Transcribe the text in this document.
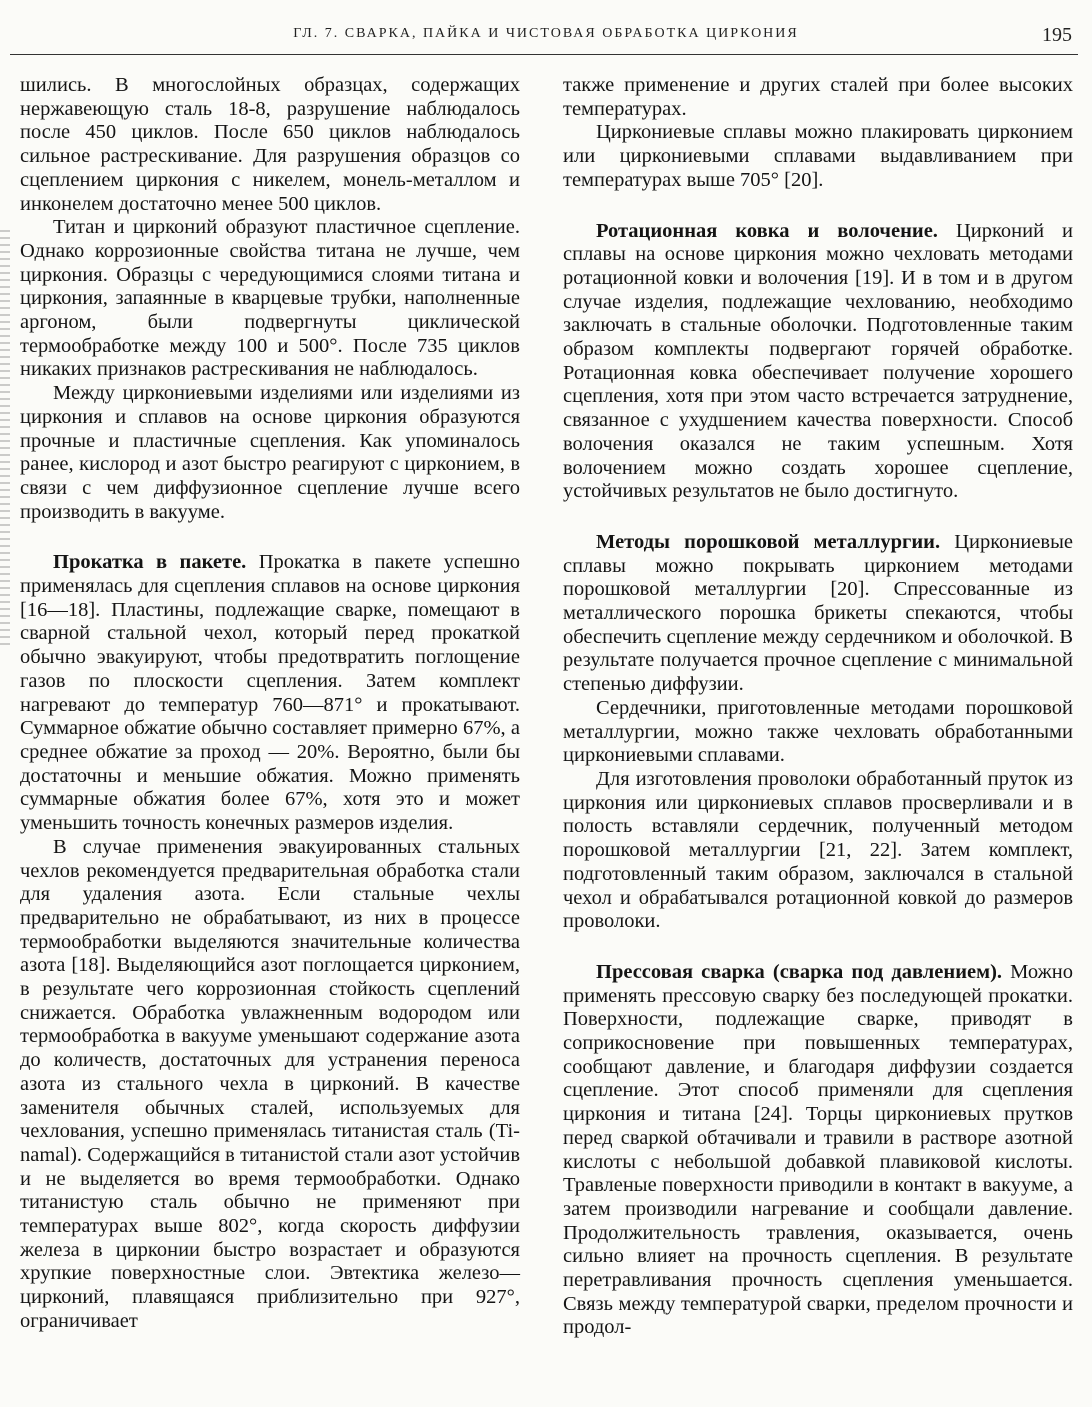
ГЛ. 7. СВАРКА, ПАЙКА И ЧИСТОВАЯ ОБРАБОТКА ЦИРКОНИЯ	195

шились. В многослойных образцах, содержащих нержавеющую сталь 18-8, разрушение наблюдалось после 450 циклов. После 650 циклов наблюдалось сильное растрескивание. Для разрушения образцов со сцеплением циркония с никелем, монель-металлом и инконелем достаточно менее 500 циклов.

Титан и цирконий образуют пластичное сцепление. Однако коррозионные свойства титана не лучше, чем циркония. Образцы с чередующимися слоями титана и циркония, запаянные в кварцевые трубки, наполненные аргоном, были подвергнуты циклической термообработке между 100 и 500°. После 735 циклов никаких признаков растрескивания не наблюдалось.

Между циркониевыми изделиями или изделиями из циркония и сплавов на основе циркония образуются прочные и пластичные сцепления. Как упоминалось ранее, кислород и азот быстро реагируют с цирконием, в связи с чем диффузионное сцепление лучше всего производить в вакууме.

Прокатка в пакете. Прокатка в пакете успешно применялась для сцепления сплавов на основе циркония [16—18]. Пластины, подлежащие сварке, помещают в сварной стальной чехол, который перед прокаткой обычно эвакуируют, чтобы предотвратить поглощение газов по плоскости сцепления. Затем комплект нагревают до температур 760—871° и прокатывают. Суммарное обжатие обычно составляет примерно 67%, а среднее обжатие за проход — 20%. Вероятно, были бы достаточны и меньшие обжатия. Можно применять суммарные обжатия более 67%, хотя это и может уменьшить точность конечных размеров изделия.

В случае применения эвакуированных стальных чехлов рекомендуется предварительная обработка стали для удаления азота. Если стальные чехлы предварительно не обрабатывают, из них в процессе термообработки выделяются значительные количества азота [18]. Выделяющийся азот поглощается цирконием, в результате чего коррозионная стойкость сцеплений снижается. Обработка увлажненным водородом или термообработка в вакууме уменьшают содержание азота до количеств, достаточных для устранения переноса азота из стального чехла в цирконий. В качестве заменителя обычных сталей, используемых для чехлования, успешно применялась титанистая сталь (Ti-namal). Содержащийся в титанистой стали азот устойчив и не выделяется во время термообработки. Однако титанистую сталь обычно не применяют при температурах выше 802°, когда скорость диффузии железа в цирконии быстро возрастает и образуются хрупкие поверхностные слои. Эвтектика железо—цирконий, плавящаяся приблизительно при 927°, ограничивает

также применение и других сталей при более высоких температурах.

Циркониевые сплавы можно плакировать цирконием или циркониевыми сплавами выдавливанием при температурах выше 705° [20].

Ротационная ковка и волочение. Цирконий и сплавы на основе циркония можно чехловать методами ротационной ковки и волочения [19]. И в том и в другом случае изделия, подлежащие чехлованию, необходимо заключать в стальные оболочки. Подготовленные таким образом комплекты подвергают горячей обработке. Ротационная ковка обеспечивает получение хорошего сцепления, хотя при этом часто встречается затруднение, связанное с ухудшением качества поверхности. Способ волочения оказался не таким успешным. Хотя волочением можно создать хорошее сцепление, устойчивых результатов не было достигнуто.

Методы порошковой металлургии. Циркониевые сплавы можно покрывать цирконием методами порошковой металлургии [20]. Спрессованные из металлического порошка брикеты спекаются, чтобы обеспечить сцепление между сердечником и оболочкой. В результате получается прочное сцепление с минимальной степенью диффузии.

Сердечники, приготовленные методами порошковой металлургии, можно также чехловать обработанными циркониевыми сплавами.

Для изготовления проволоки обработанный пруток из циркония или циркониевых сплавов просверливали и в полость вставляли сердечник, полученный методом порошковой металлургии [21, 22]. Затем комплект, подготовленный таким образом, заключался в стальной чехол и обрабатывался ротационной ковкой до размеров проволоки.

Прессовая сварка (сварка под давлением). Можно применять прессовую сварку без последующей прокатки. Поверхности, подлежащие сварке, приводят в соприкосновение при повышенных температурах, сообщают давление, и благодаря диффузии создается сцепление. Этот способ применяли для сцепления циркония и титана [24]. Торцы циркониевых прутков перед сваркой обтачивали и травили в растворе азотной кислоты с небольшой добавкой плавиковой кислоты. Травленые поверхности приводили в контакт в вакууме, а затем производили нагревание и сообщали давление. Продолжительность травления, оказывается, очень сильно влияет на прочность сцепления. В результате перетравливания прочность сцепления уменьшается. Связь между температурой сварки, пределом прочности и продол-
